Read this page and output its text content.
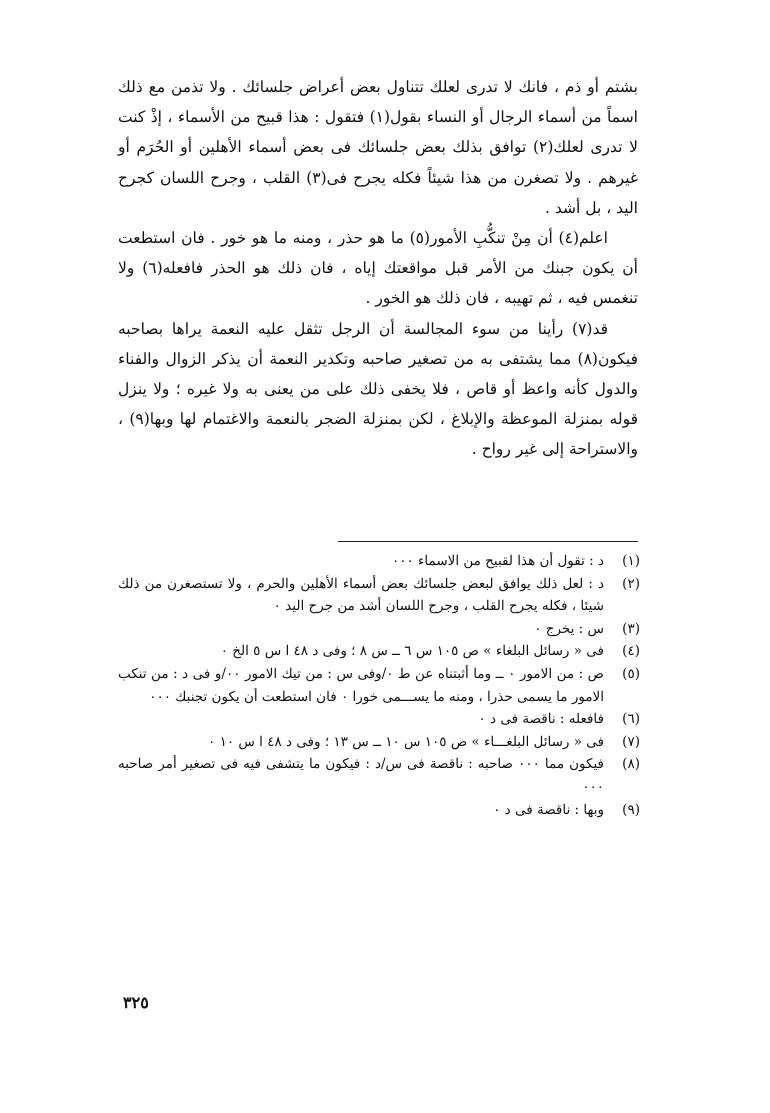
بشتم أو ذم ، فانك لا تدرى لعلك تتناول بعض أعراض جلسائك . ولا تذمن مع ذلك اسماً من أسماء الرجال أو النساء بقول(١) فتقول : هذا قبيح من الأسماء ، إذْ كنت لا تدرى لعلك(٢) توافق بذلك بعض جلسائك فى بعض أسماء الأهلين أو الحُرَم أو غيرهم . ولا تصغرن من هذا شيئاً فكله يجرح فى(٣) القلب ، وجرح اللسان كجرح اليد ، بل أشد .

اعلم(٤) أن مِنْ تنكُّبِ الأمور(٥) ما هو حذر ، ومنه ما هو خور . فان استطعت أن يكون جبنك من الأمر قبل مواقعتك إياه ، فان ذلك هو الحذر فافعله(٦) ولا تنغمس فيه ، ثم تهيبه ، فان ذلك هو الخور .

قد(٧) رأينا من سوء المجالسة أن الرجل تثقل عليه النعمة يراها بصاحبه فيكون(٨) مما يشتفى به من تصغير صاحبه وتكدير النعمة أن يذكر الزوال والفناء والدول كأنه واعظ أو قاص ، فلا يخفى ذلك على من يعنى به ولا غيره ؛ ولا ينزل قوله بمنزلة الموعظة والإبلاغ ، لكن بمنزلة الضجر بالنعمة والاغتمام لها وبها(٩) ، والاستراحة إلى غير رواح .

(١)
د : تقول أن هذا لقبيح من الاسماء ٠٠٠
(٢)
د : لعل ذلك يوافق لبعض جلسائك بعض أسماء الأهلين والحرم ، ولا تستصغرن من ذلك شيئا ، فكله يجرح القلب ، وجرح اللسان أشد من جرح اليد ٠
(٣)
س : يخرج ٠
(٤)
فى « رسائل البلغاء » ص ١٠٥ س ٦ ــ س ٨ ؛ وفى د ٤٨ ا س ٥ الخ ٠
(٥)
ص : من الامور ٠ ــ وما أثبتناه عن ط ٠/وفى س : من تيك الامور ٠٠/و فى د : من تنكب الامور ما يسمى حذرا ، ومنه ما يســـمى خورا ٠ فان استطعت أن يكون تجنبك ٠٠٠
(٦)
فافعله : ناقصة فى د ٠
(٧)
فى « رسائل البلغـــاء » ص ١٠٥ س ١٠ ــ س ١٣ ؛ وفى د ٤٨ ا س ١٠ ٠
(٨)
فيكون مما ٠٠٠ صاحبه : ناقصة فى س/د : فيكون ما يتشفى فيه فى تصغير أمر صاحبه ٠٠٠
(٩)
وبها : ناقصة فى د ٠
٣٢٥
